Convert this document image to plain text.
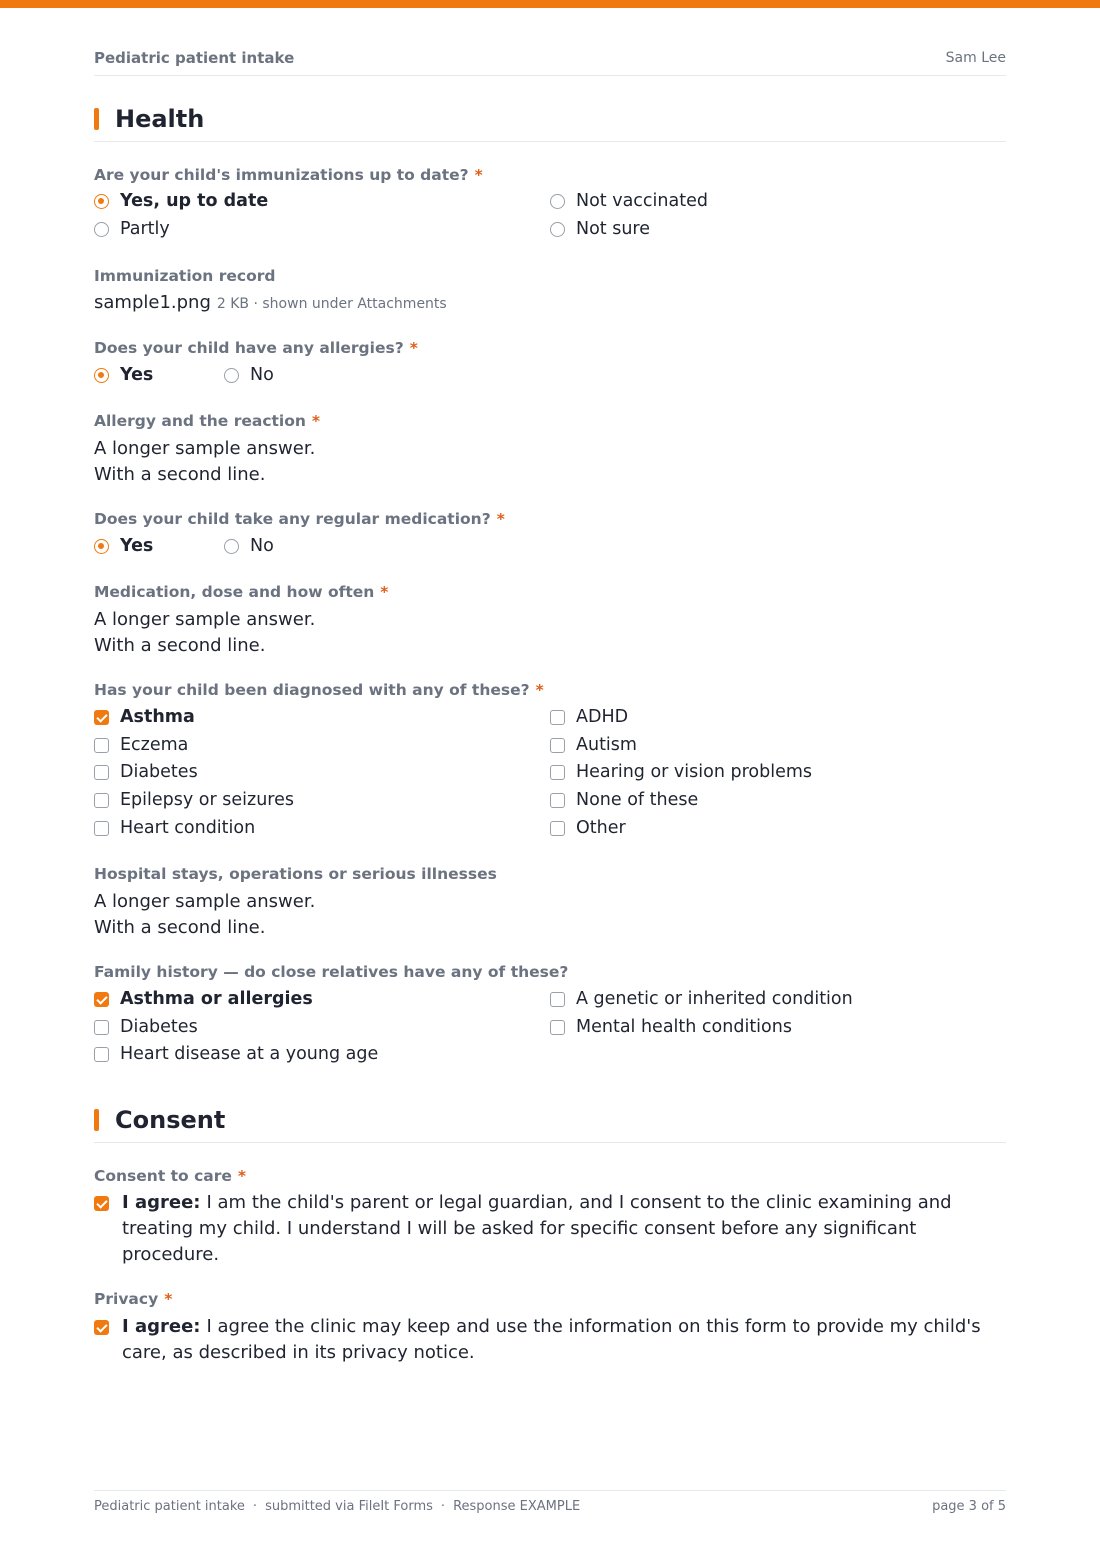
Pediatric patient intake	Sam Lee
Health
Are your child's immunizations up to date? *
Yes, up to date
Partly
Not vaccinated
Not sure
Immunization record
sample1.png 2 KB · shown under Attachments
Does your child have any allergies? *
Yes	No
Allergy and the reaction *
A longer sample answer.
With a second line.
Does your child take any regular medication? *
Yes	No
Medication, dose and how often *
A longer sample answer.
With a second line.
Has your child been diagnosed with any of these? *
Asthma
Eczema
Diabetes
Epilepsy or seizures
Heart condition
ADHD
Autism
Hearing or vision problems
None of these
Other
Hospital stays, operations or serious illnesses
A longer sample answer.
With a second line.
Family history — do close relatives have any of these?
Asthma or allergies
Diabetes
Heart disease at a young age
A genetic or inherited condition
Mental health conditions
Consent
Consent to care *
I agree: I am the child's parent or legal guardian, and I consent to the clinic examining and treating my child. I understand I will be asked for specific consent before any significant procedure.
Privacy *
I agree: I agree the clinic may keep and use the information on this form to provide my child's care, as described in its privacy notice.
Pediatric patient intake · submitted via FileIt Forms · Response EXAMPLE	page 3 of 5
